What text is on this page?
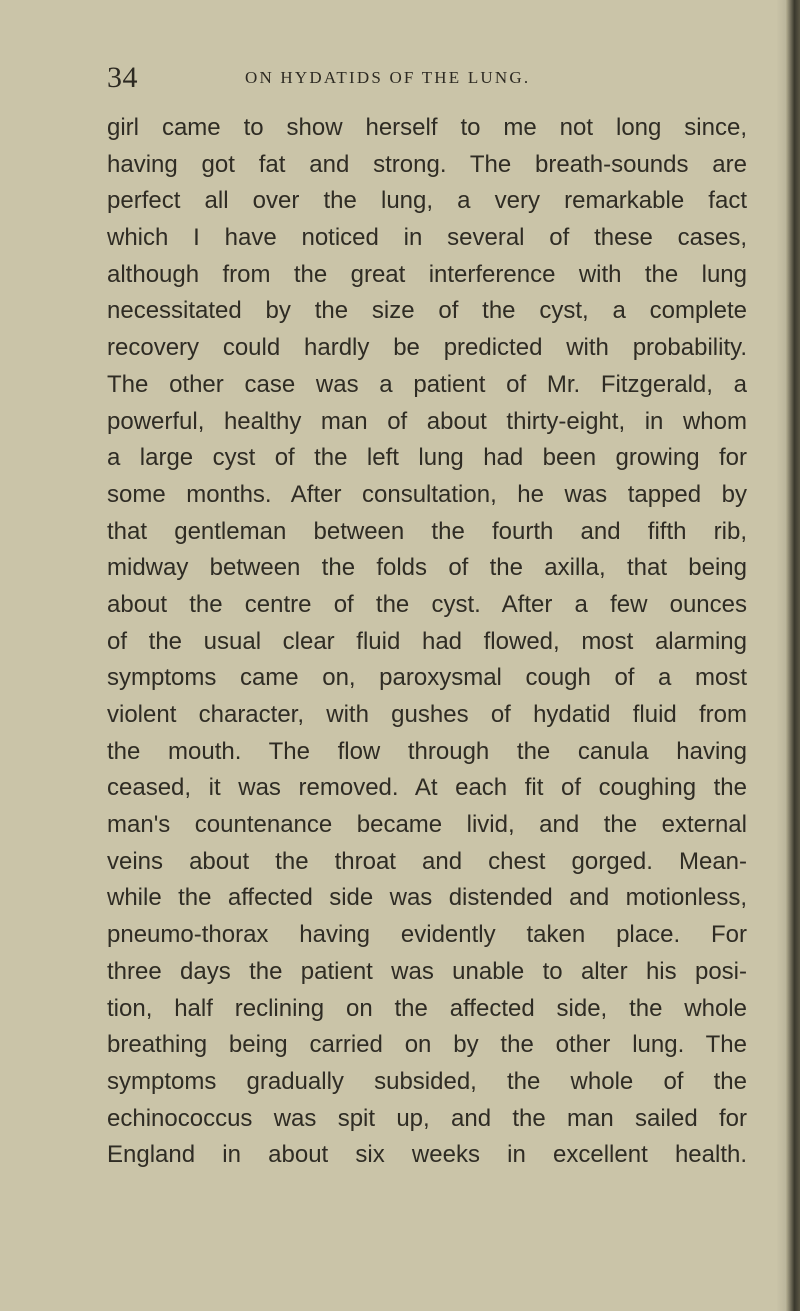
34	ON HYDATIDS OF THE LUNG.
girl came to show herself to me not long since,
having got fat and strong. The breath-sounds are
perfect all over the lung, a very remarkable fact
which I have noticed in several of these cases,
although from the great interference with the lung
necessitated by the size of the cyst, a complete
recovery could hardly be predicted with probability.
The other case was a patient of Mr. Fitzgerald, a
powerful, healthy man of about thirty-eight, in whom
a large cyst of the left lung had been growing for
some months. After consultation, he was tapped by
that gentleman between the fourth and fifth rib,
midway between the folds of the axilla, that being
about the centre of the cyst. After a few ounces
of the usual clear fluid had flowed, most alarming
symptoms came on, paroxysmal cough of a most
violent character, with gushes of hydatid fluid from
the mouth. The flow through the canula having
ceased, it was removed. At each fit of coughing the
man's countenance became livid, and the external
veins about the throat and chest gorged. Mean-
while the affected side was distended and motionless,
pneumo-thorax having evidently taken place. For
three days the patient was unable to alter his posi-
tion, half reclining on the affected side, the whole
breathing being carried on by the other lung. The
symptoms gradually subsided, the whole of the
echinococcus was spit up, and the man sailed for
England in about six weeks in excellent health.
